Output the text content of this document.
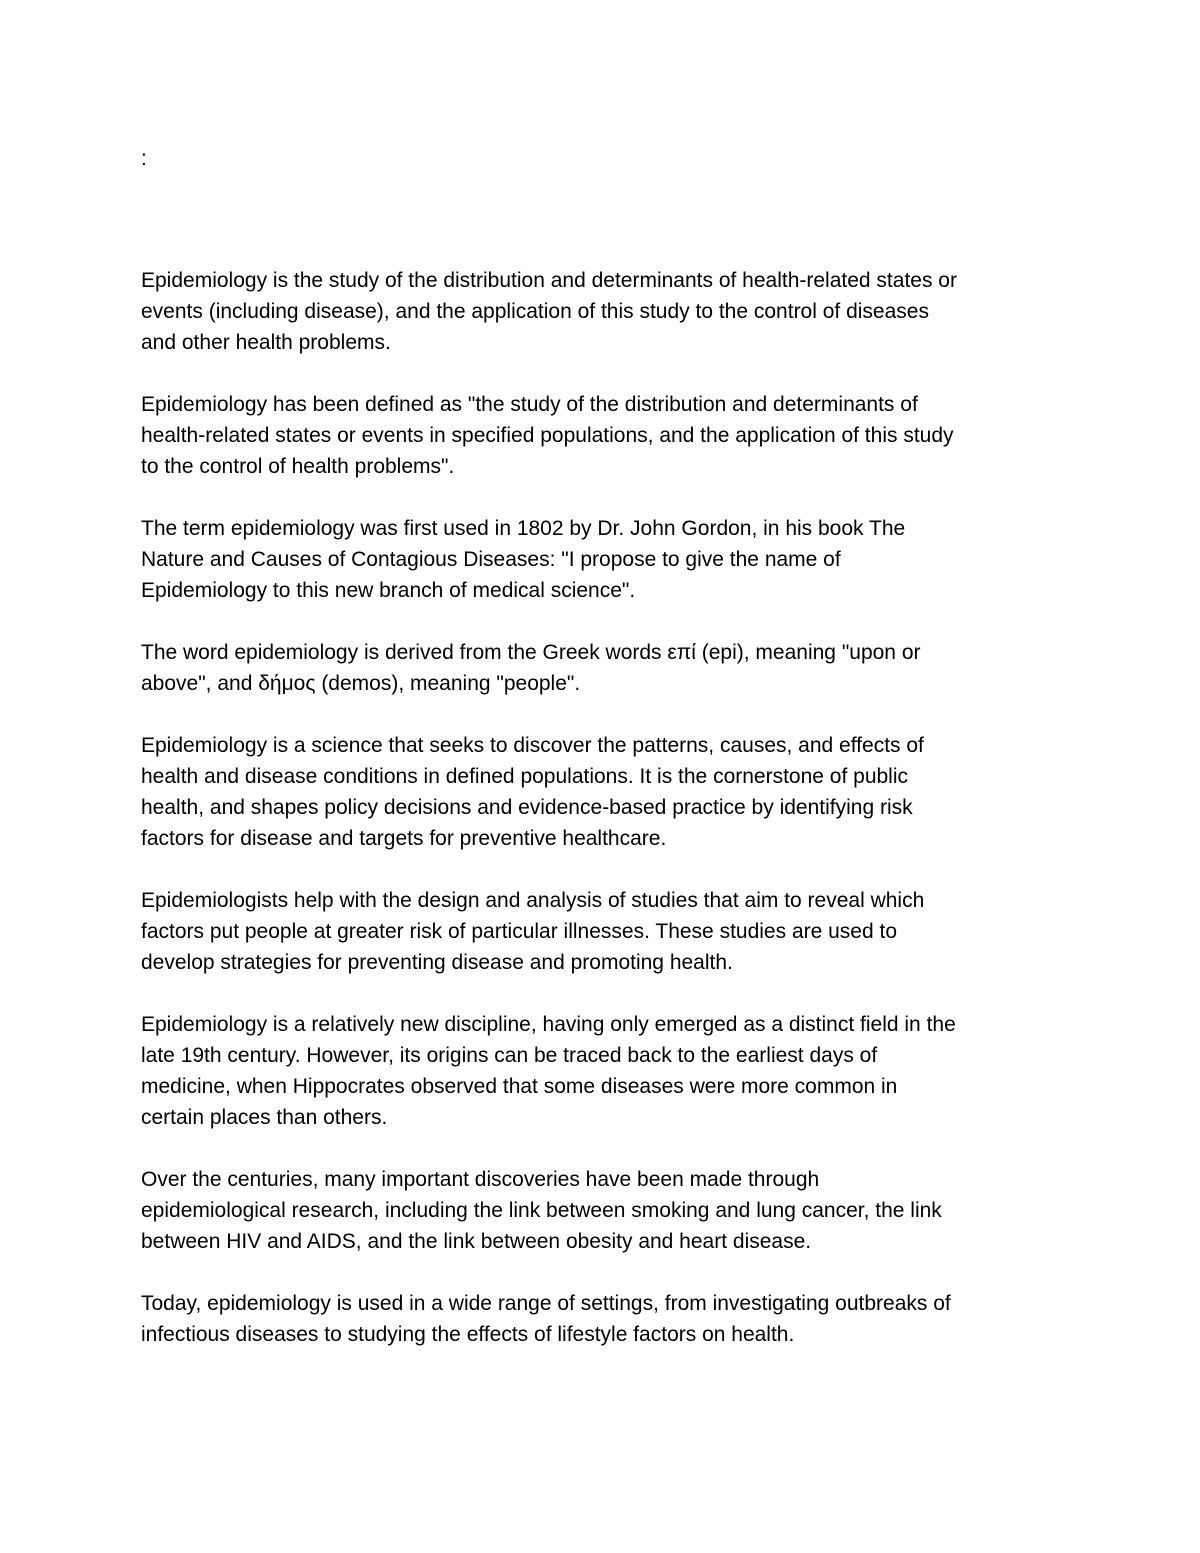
:

Epidemiology is the study of the distribution and determinants of health-related states or
events (including disease), and the application of this study to the control of diseases
and other health problems.

Epidemiology has been defined as "the study of the distribution and determinants of
health-related states or events in specified populations, and the application of this study
to the control of health problems".

The term epidemiology was first used in 1802 by Dr. John Gordon, in his book The
Nature and Causes of Contagious Diseases: "I propose to give the name of
Epidemiology to this new branch of medical science".

The word epidemiology is derived from the Greek words επί (epi), meaning "upon or
above", and δήμος (demos), meaning "people".

Epidemiology is a science that seeks to discover the patterns, causes, and effects of
health and disease conditions in defined populations. It is the cornerstone of public
health, and shapes policy decisions and evidence-based practice by identifying risk
factors for disease and targets for preventive healthcare.

Epidemiologists help with the design and analysis of studies that aim to reveal which
factors put people at greater risk of particular illnesses. These studies are used to
develop strategies for preventing disease and promoting health.

Epidemiology is a relatively new discipline, having only emerged as a distinct field in the
late 19th century. However, its origins can be traced back to the earliest days of
medicine, when Hippocrates observed that some diseases were more common in
certain places than others.

Over the centuries, many important discoveries have been made through
epidemiological research, including the link between smoking and lung cancer, the link
between HIV and AIDS, and the link between obesity and heart disease.

Today, epidemiology is used in a wide range of settings, from investigating outbreaks of
infectious diseases to studying the effects of lifestyle factors on health.
